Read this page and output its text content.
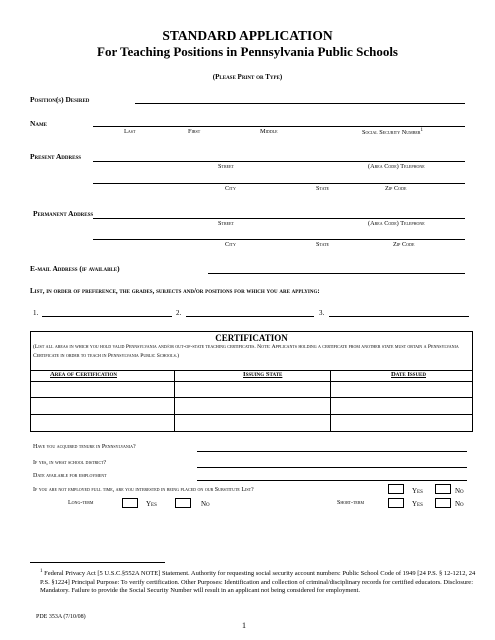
STANDARD APPLICATION
For Teaching Positions in Pennsylvania Public Schools
(Please Print or Type)
Position(s) Desired
Name
Last	First	Middle	Social Security Number$^1$
Present Address
Street	(Area Code) Telephone
City	State	Zip Code
Permanent Address
Street	(Area Code) Telephone
City	State	Zip Code
E-mail Address (if available)
List, in order of preference, the grades, subjects and/or positions for which you are applying:
1.	2.	3.
CERTIFICATION
(List all areas in which you hold valid Pennsylvania and/or out-of-state teaching certificates. Note: Applicants holding a certificate from another state must obtain a Pennsylvania Certificate in order to teach in Pennsylvania Public Schools.)
Area of Certification	Issuing State	Date Issued
Have you acquired tenure in Pennsylvania?
If yes, in what school district?
Date available for employment
If you are not employed full time, are you interested in being placed on our Substitute List?	Yes	No
Long-term	Yes	No	Short-term	Yes	No
$^1$ Federal Privacy Act [5 U.S.C.§552A NOTE] Statement. Authority for requesting social security account numbers: Public School Code of 1949 [24 P.S. § 12-1212, 24 P.S. §1224] Principal Purpose: To verify certification. Other Purposes: Identification and collection of criminal/disciplinary records for certified educators. Disclosure: Mandatory. Failure to provide the Social Security Number will result in an applicant not being considered for employment.
PDE 353A (7/10/08)
1
